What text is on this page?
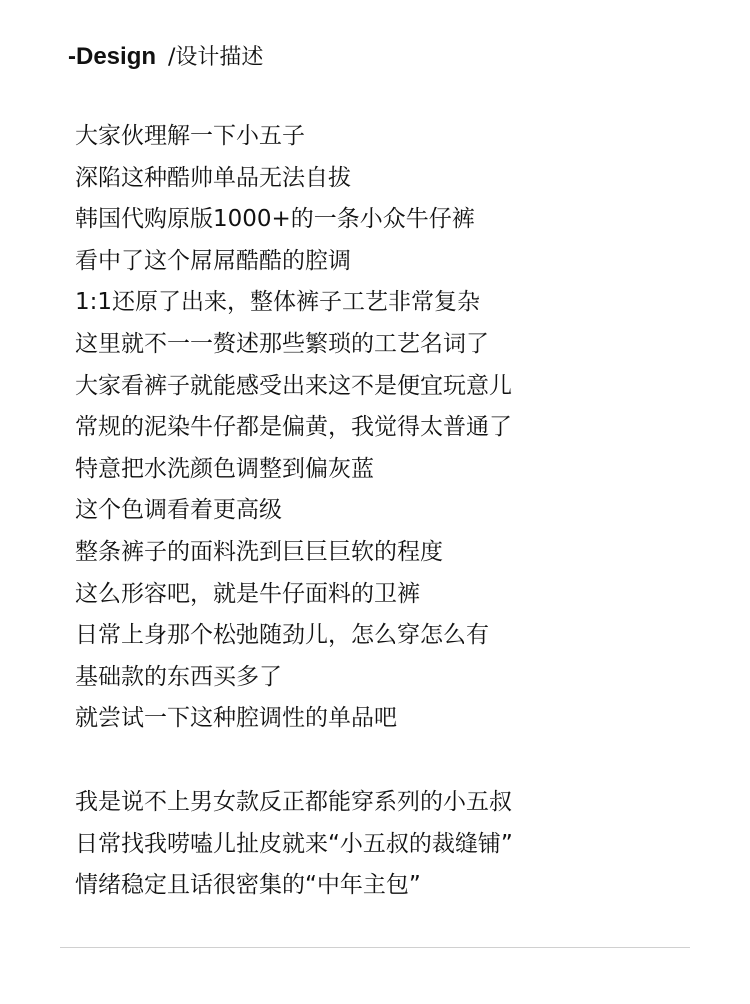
-Design /设计描述
大家伙理解一下小五子
深陷这种酷帅单品无法自拔
韩国代购原版1000+的一条小众牛仔裤
看中了这个屌屌酷酷的腔调
1:1还原了出来，整体裤子工艺非常复杂
这里就不一一赘述那些繁琐的工艺名词了
大家看裤子就能感受出来这不是便宜玩意儿
常规的泥染牛仔都是偏黄，我觉得太普通了
特意把水洗颜色调整到偏灰蓝
这个色调看着更高级
整条裤子的面料洗到巨巨巨软的程度
这么形容吧，就是牛仔面料的卫裤
日常上身那个松弛随劲儿，怎么穿怎么有
基础款的东西买多了
就尝试一下这种腔调性的单品吧
我是说不上男女款反正都能穿系列的小五叔
日常找我唠嗑儿扯皮就来“小五叔的裁缝铺”
情绪稳定且话很密集的“中年主包”
